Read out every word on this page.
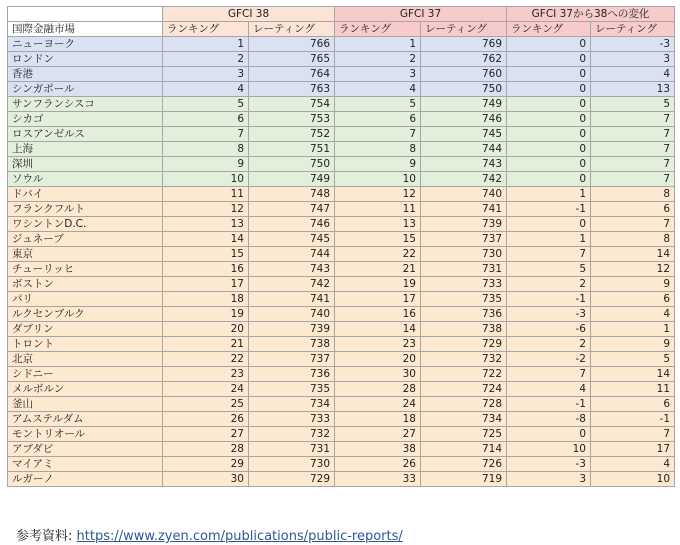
	GFCI 38		GFCI 37		GFCI 37から38への変化	
国際金融市場	ランキング	レーティング	ランキング	レーティング	ランキング	レーティング
ニューヨーク	1	766	1	769	0	-3
ロンドン	2	765	2	762	0	3
香港	3	764	3	760	0	4
シンガポール	4	763	4	750	0	13
サンフランシスコ	5	754	5	749	0	5
シカゴ	6	753	6	746	0	7
ロスアンゼルス	7	752	7	745	0	7
上海	8	751	8	744	0	7
深圳	9	750	9	743	0	7
ソウル	10	749	10	742	0	7
ドバイ	11	748	12	740	1	8
フランクフルト	12	747	11	741	-1	6
ワシントンD.C.	13	746	13	739	0	7
ジュネーブ	14	745	15	737	1	8
東京	15	744	22	730	7	14
チューリッヒ	16	743	21	731	5	12
ボストン	17	742	19	733	2	9
パリ	18	741	17	735	-1	6
ルクセンブルク	19	740	16	736	-3	4
ダブリン	20	739	14	738	-6	1
トロント	21	738	23	729	2	9
北京	22	737	20	732	-2	5
シドニー	23	736	30	722	7	14
メルボルン	24	735	28	724	4	11
釜山	25	734	24	728	-1	6
アムステルダム	26	733	18	734	-8	-1
モントリオール	27	732	27	725	0	7
アブダビ	28	731	38	714	10	17
マイアミ	29	730	26	726	-3	4
ルガーノ	30	729	33	719	3	10
参考資料: https://www.zyen.com/publications/public-reports/
